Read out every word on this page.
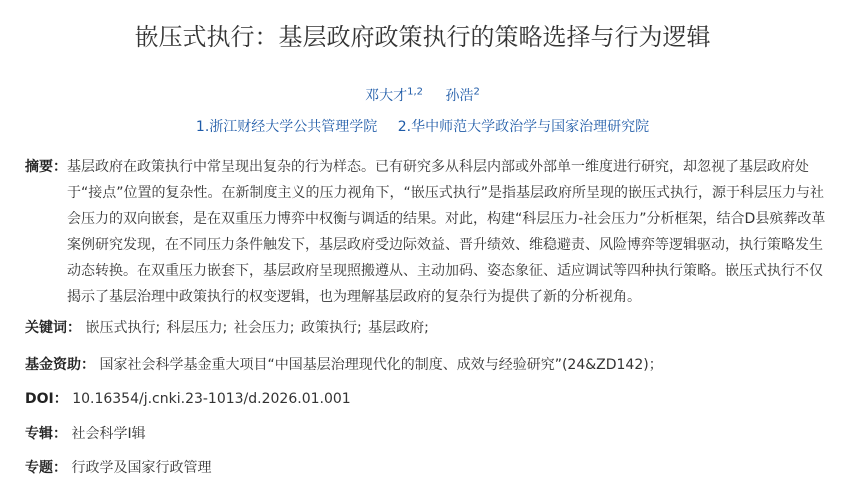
嵌压式执行：基层政府政策执行的策略选择与行为逻辑
邓大才$^{1,2}$ 孙浩$^2$
1.浙江财经大学公共管理学院 2.华中师范大学政治学与国家治理研究院
摘要： 基层政府在政策执行中常呈现出复杂的行为样态。已有研究多从科层内部或外部单一维度进行研究，却忽视了基层政府处于“接点”位置的复杂性。在新制度主义的压力视角下，“嵌压式执行”是指基层政府所呈现的嵌压式执行，源于科层压力与社会压力的双向嵌套，是在双重压力博弈中权衡与调适的结果。对此，构建“科层压力-社会压力”分析框架，结合D县殡葬改革案例研究发现，在不同压力条件触发下，基层政府受边际效益、晋升绩效、维稳避责、风险博弈等逻辑驱动，执行策略发生动态转换。在双重压力嵌套下，基层政府呈现照搬遵从、主动加码、姿态象征、适应调试等四种执行策略。嵌压式执行不仅揭示了基层治理中政策执行的权变逻辑，也为理解基层政府的复杂行为提供了新的分析视角。
关键词： 嵌压式执行; 科层压力; 社会压力; 政策执行; 基层政府;
基金资助： 国家社会科学基金重大项目“中国基层治理现代化的制度、成效与经验研究”(24&ZD142)；
DOI： 10.16354/j.cnki.23-1013/d.2026.01.001
专辑： 社会科学Ⅰ辑
专题： 行政学及国家行政管理
